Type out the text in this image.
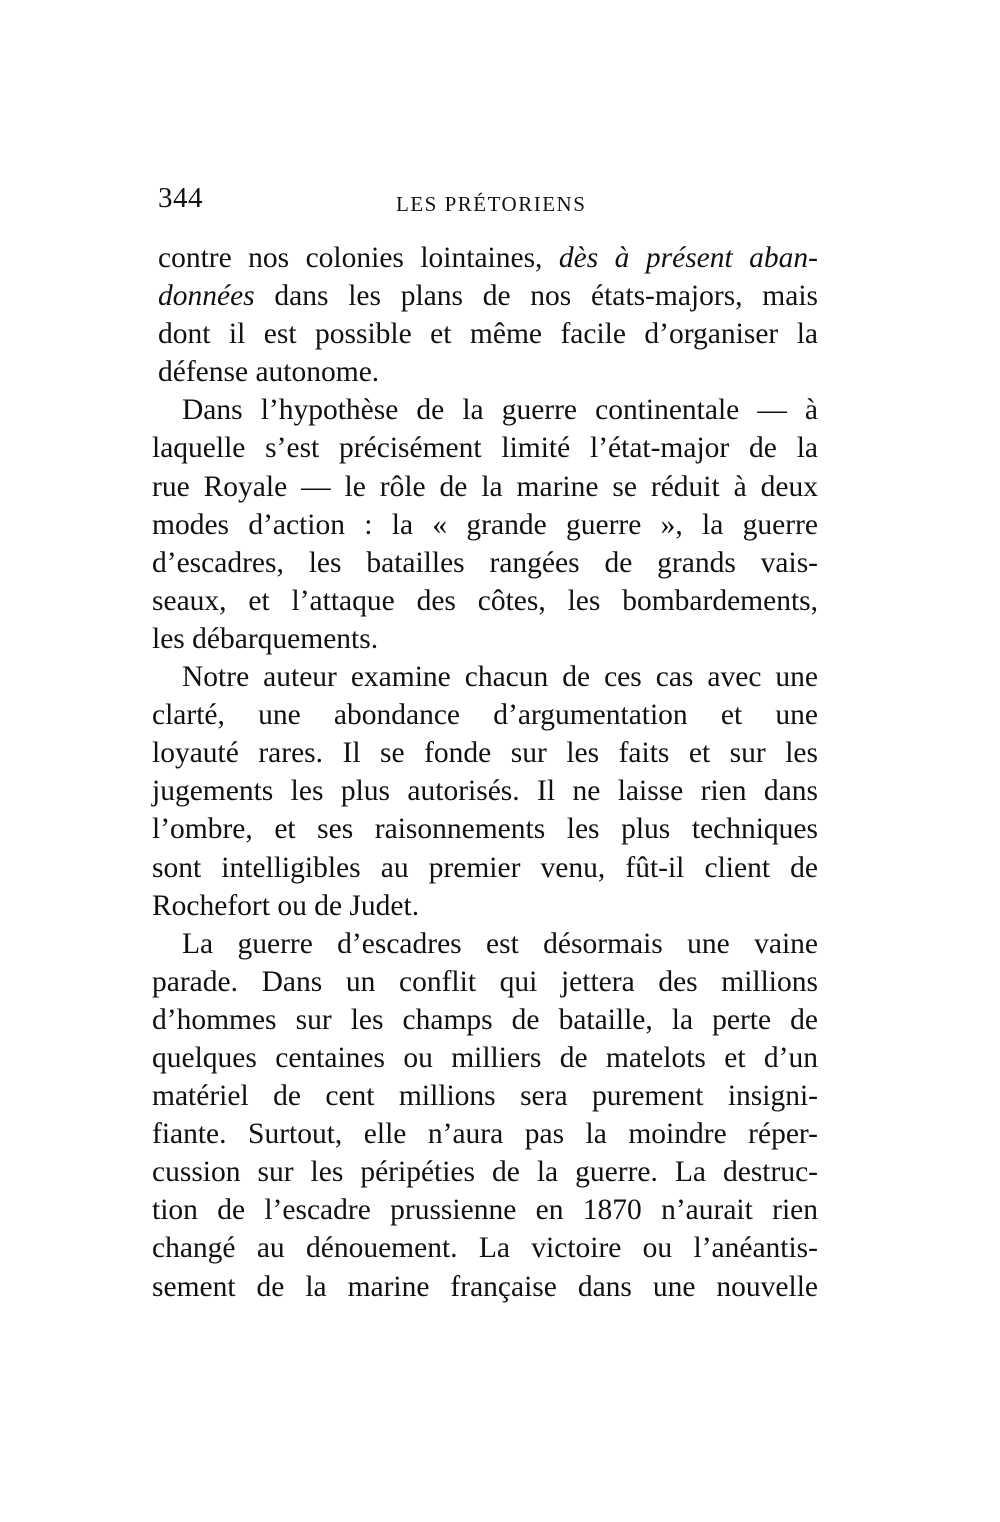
344	LES PRÉTORIENS
contre nos colonies lointaines, dès à présent aban-
données dans les plans de nos états-majors, mais
dont il est possible et même facile d’organiser la
défense autonome.
Dans l’hypothèse de la guerre continentale — à
laquelle s’est précisément limité l’état-major de la
rue Royale — le rôle de la marine se réduit à deux
modes d’action : la « grande guerre », la guerre
d’escadres, les batailles rangées de grands vais-
seaux, et l’attaque des côtes, les bombardements,
les débarquements.
Notre auteur examine chacun de ces cas avec une
clarté, une abondance d’argumentation et une
loyauté rares. Il se fonde sur les faits et sur les
jugements les plus autorisés. Il ne laisse rien dans
l’ombre, et ses raisonnements les plus techniques
sont intelligibles au premier venu, fût-il client de
Rochefort ou de Judet.
La guerre d’escadres est désormais une vaine
parade. Dans un conflit qui jettera des millions
d’hommes sur les champs de bataille, la perte de
quelques centaines ou milliers de matelots et d’un
matériel de cent millions sera purement insigni-
fiante. Surtout, elle n’aura pas la moindre réper-
cussion sur les péripéties de la guerre. La destruc-
tion de l’escadre prussienne en 1870 n’aurait rien
changé au dénouement. La victoire ou l’anéantis-
sement de la marine française dans une nouvelle
